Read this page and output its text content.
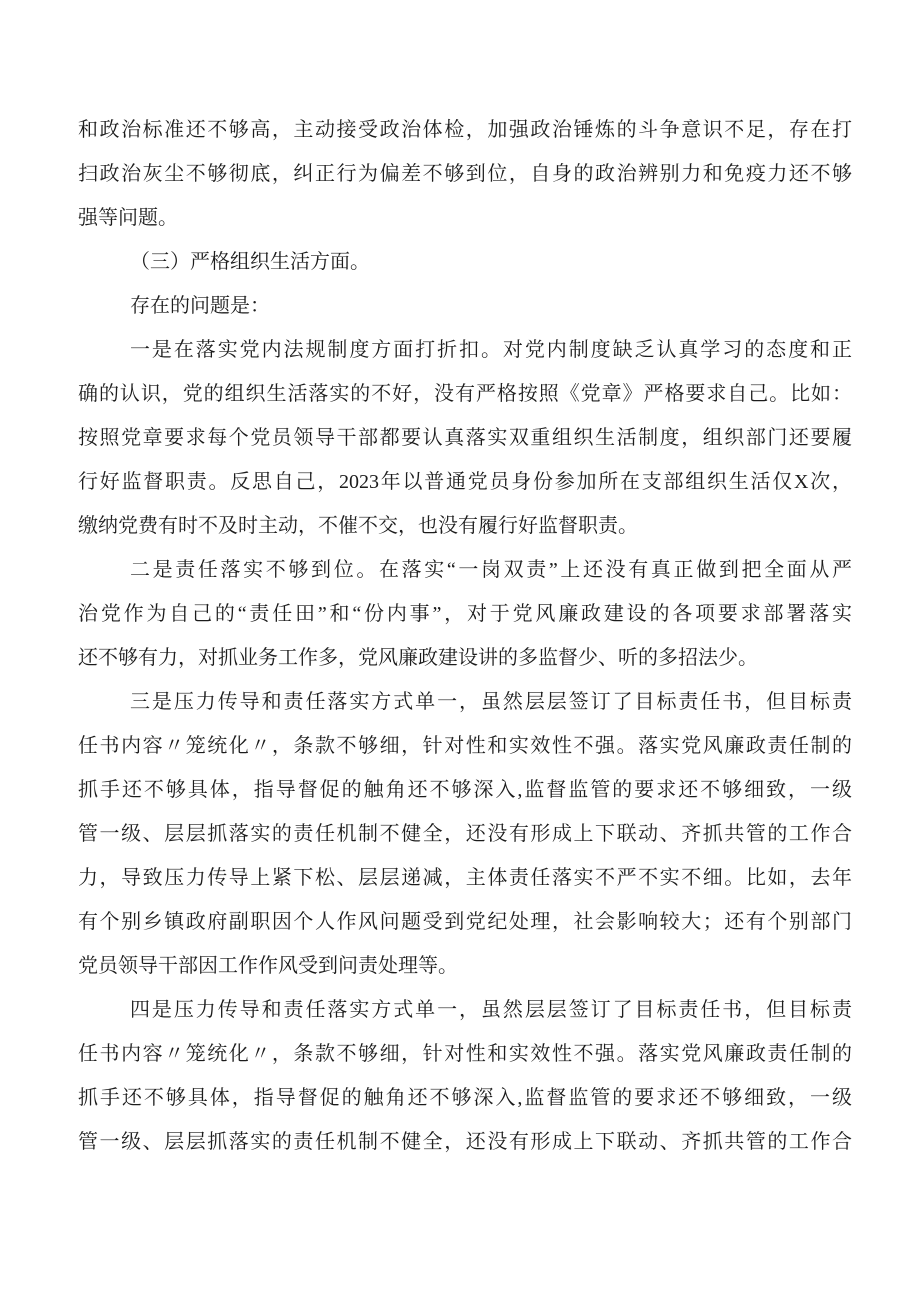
和政治标准还不够高，主动接受政治体检，加强政治锤炼的斗争意识不足，存在打
扫政治灰尘不够彻底，纠正行为偏差不够到位，自身的政治辨别力和免疫力还不够
强等问题。
（三）严格组织生活方面。
存在的问题是：
一是在落实党内法规制度方面打折扣。对党内制度缺乏认真学习的态度和正
确的认识，党的组织生活落实的不好，没有严格按照《党章》严格要求自己。比如：
按照党章要求每个党员领导干部都要认真落实双重组织生活制度，组织部门还要履
行好监督职责。反思自己，2023年以普通党员身份参加所在支部组织生活仅X次，
缴纳党费有时不及时主动，不催不交，也没有履行好监督职责。
二是责任落实不够到位。在落实“一岗双责”上还没有真正做到把全面从严
治党作为自己的“责任田”和“份内事”，对于党风廉政建设的各项要求部署落实
还不够有力，对抓业务工作多，党风廉政建设讲的多监督少、听的多招法少。
三是压力传导和责任落实方式单一，虽然层层签订了目标责任书，但目标责
任书内容〃笼统化〃，条款不够细，针对性和实效性不强。落实党风廉政责任制的
抓手还不够具体，指导督促的触角还不够深入,监督监管的要求还不够细致，一级
管一级、层层抓落实的责任机制不健全，还没有形成上下联动、齐抓共管的工作合
力，导致压力传导上紧下松、层层递减，主体责任落实不严不实不细。比如，去年
有个别乡镇政府副职因个人作风问题受到党纪处理，社会影响较大；还有个别部门
党员领导干部因工作作风受到问责处理等。
四是压力传导和责任落实方式单一，虽然层层签订了目标责任书，但目标责
任书内容〃笼统化〃，条款不够细，针对性和实效性不强。落实党风廉政责任制的
抓手还不够具体，指导督促的触角还不够深入,监督监管的要求还不够细致，一级
管一级、层层抓落实的责任机制不健全，还没有形成上下联动、齐抓共管的工作合
